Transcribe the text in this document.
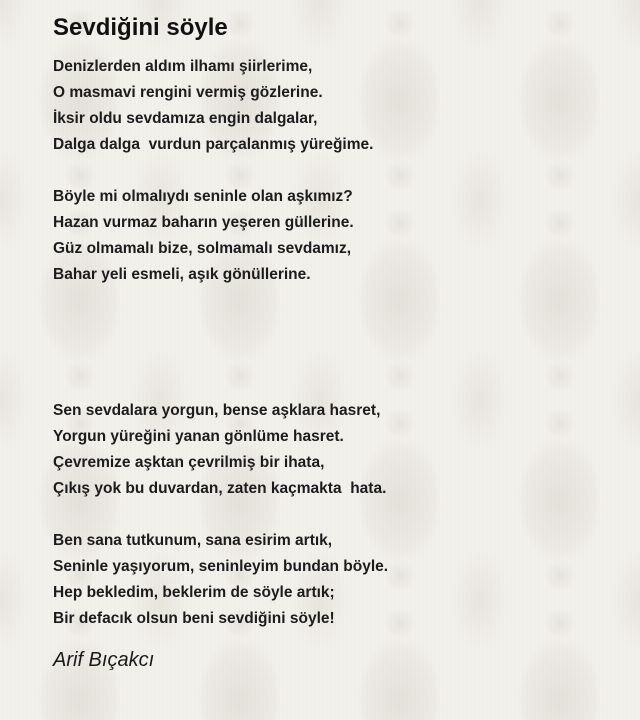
Sevdiğini söyle

Denizlerden aldım ilhamı şiirlerime,
O masmavi rengini vermiş gözlerine.
İksir oldu sevdamıza engin dalgalar,
Dalga dalga  vurdun parçalanmış yüreğime.

Böyle mi olmalıydı seninle olan aşkımız?
Hazan vurmaz baharın yeşeren güllerine.
Güz olmamalı bize, solmamalı sevdamız,
Bahar yeli esmeli, aşık gönüllerine.

Sen sevdalara yorgun, bense aşklara hasret,
Yorgun yüreğini yanan gönlüme hasret.
Çevremize aşktan çevrilmiş bir ihata,
Çıkış yok bu duvardan, zaten kaçmakta  hata.

Ben sana tutkunum, sana esirim artık,
Seninle yaşıyorum, seninleyim bundan böyle.
Hep bekledim, beklerim de söyle artık;
Bir defacık olsun beni sevdiğini söyle!

Arif Bıçakcı
